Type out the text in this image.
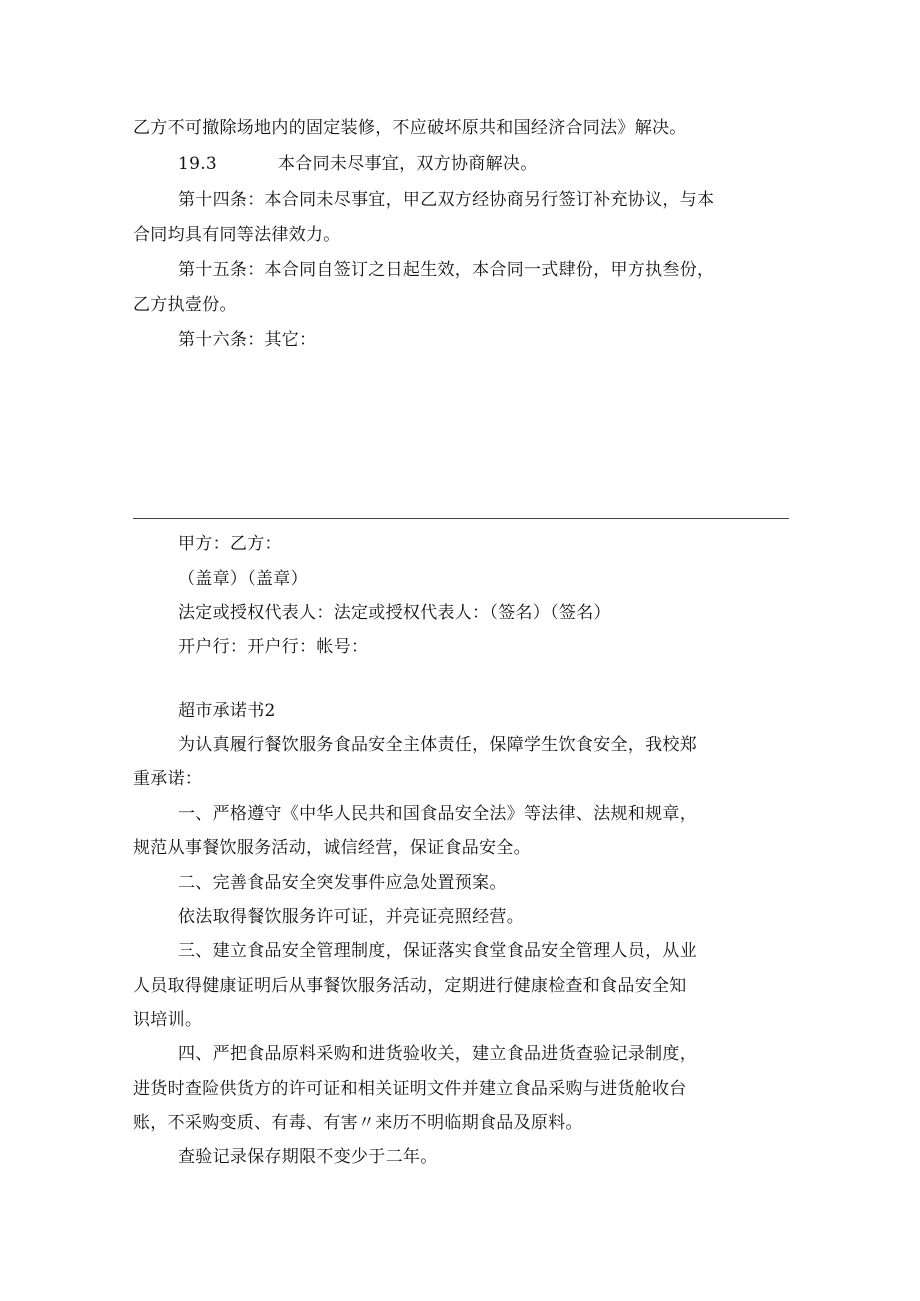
乙方不可撤除场地内的固定装修，不应破坏原共和国经济合同法》解决。
19.3	本合同未尽事宜，双方协商解决。
第十四条：本合同未尽事宜，甲乙双方经协商另行签订补充协议，与本
合同均具有同等法律效力。
第十五条：本合同自签订之日起生效，本合同一式肆份，甲方执叁份，
乙方执壹份。
第十六条：其它：
甲方：乙方：
（盖章）（盖章）
法定或授权代表人：法定或授权代表人：（签名）（签名）
开户行：开户行：帐号：
超市承诺书2
为认真履行餐饮服务食品安全主体责任，保障学生饮食安全，我校郑
重承诺：
一、严格遵守《中华人民共和国食品安全法》等法律、法规和规章，
规范从事餐饮服务活动，诚信经营，保证食品安全。
二、完善食品安全突发事件应急处置预案。
依法取得餐饮服务许可证，并亮证亮照经营。
三、建立食品安全管理制度，保证落实食堂食品安全管理人员，从业
人员取得健康证明后从事餐饮服务活动，定期进行健康检查和食品安全知
识培训。
四、严把食品原料采购和进货验收关，建立食品进货查验记录制度，
进货时查险供货方的许可证和相关证明文件并建立食品采购与进货舱收台
账，不采购变质、有毒、有害〃来历不明临期食品及原料。
查验记录保存期限不变少于二年。
